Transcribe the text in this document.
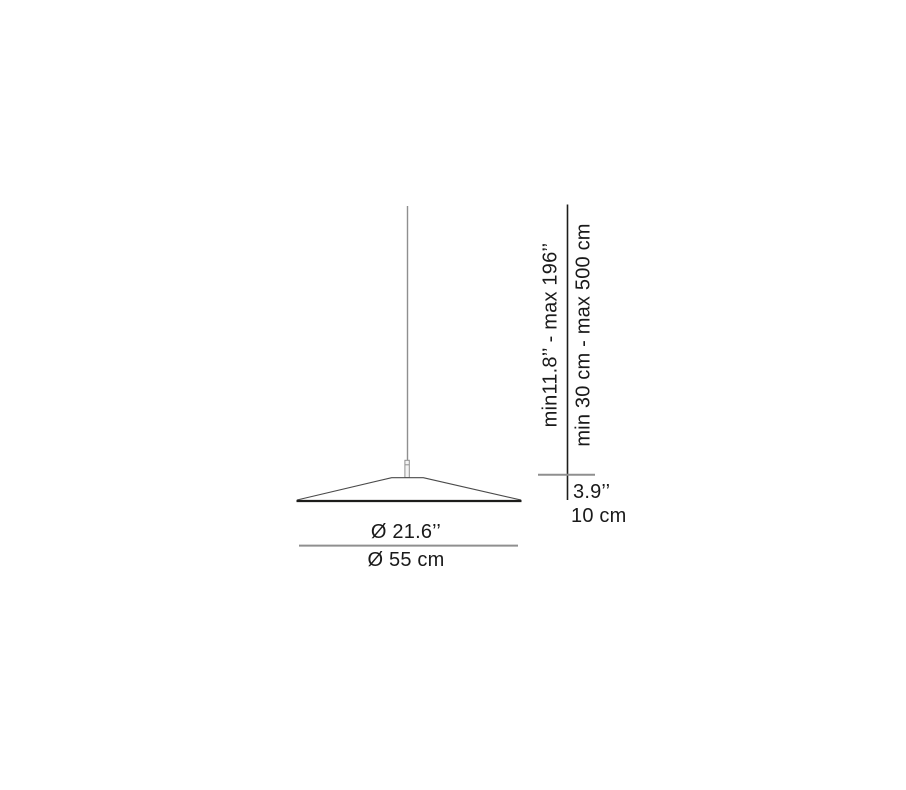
Ø 21.6’’
Ø 55 cm
3.9’’
10 cm
min11.8’’ - max 196’’ min 30 cm - max 500 cm
